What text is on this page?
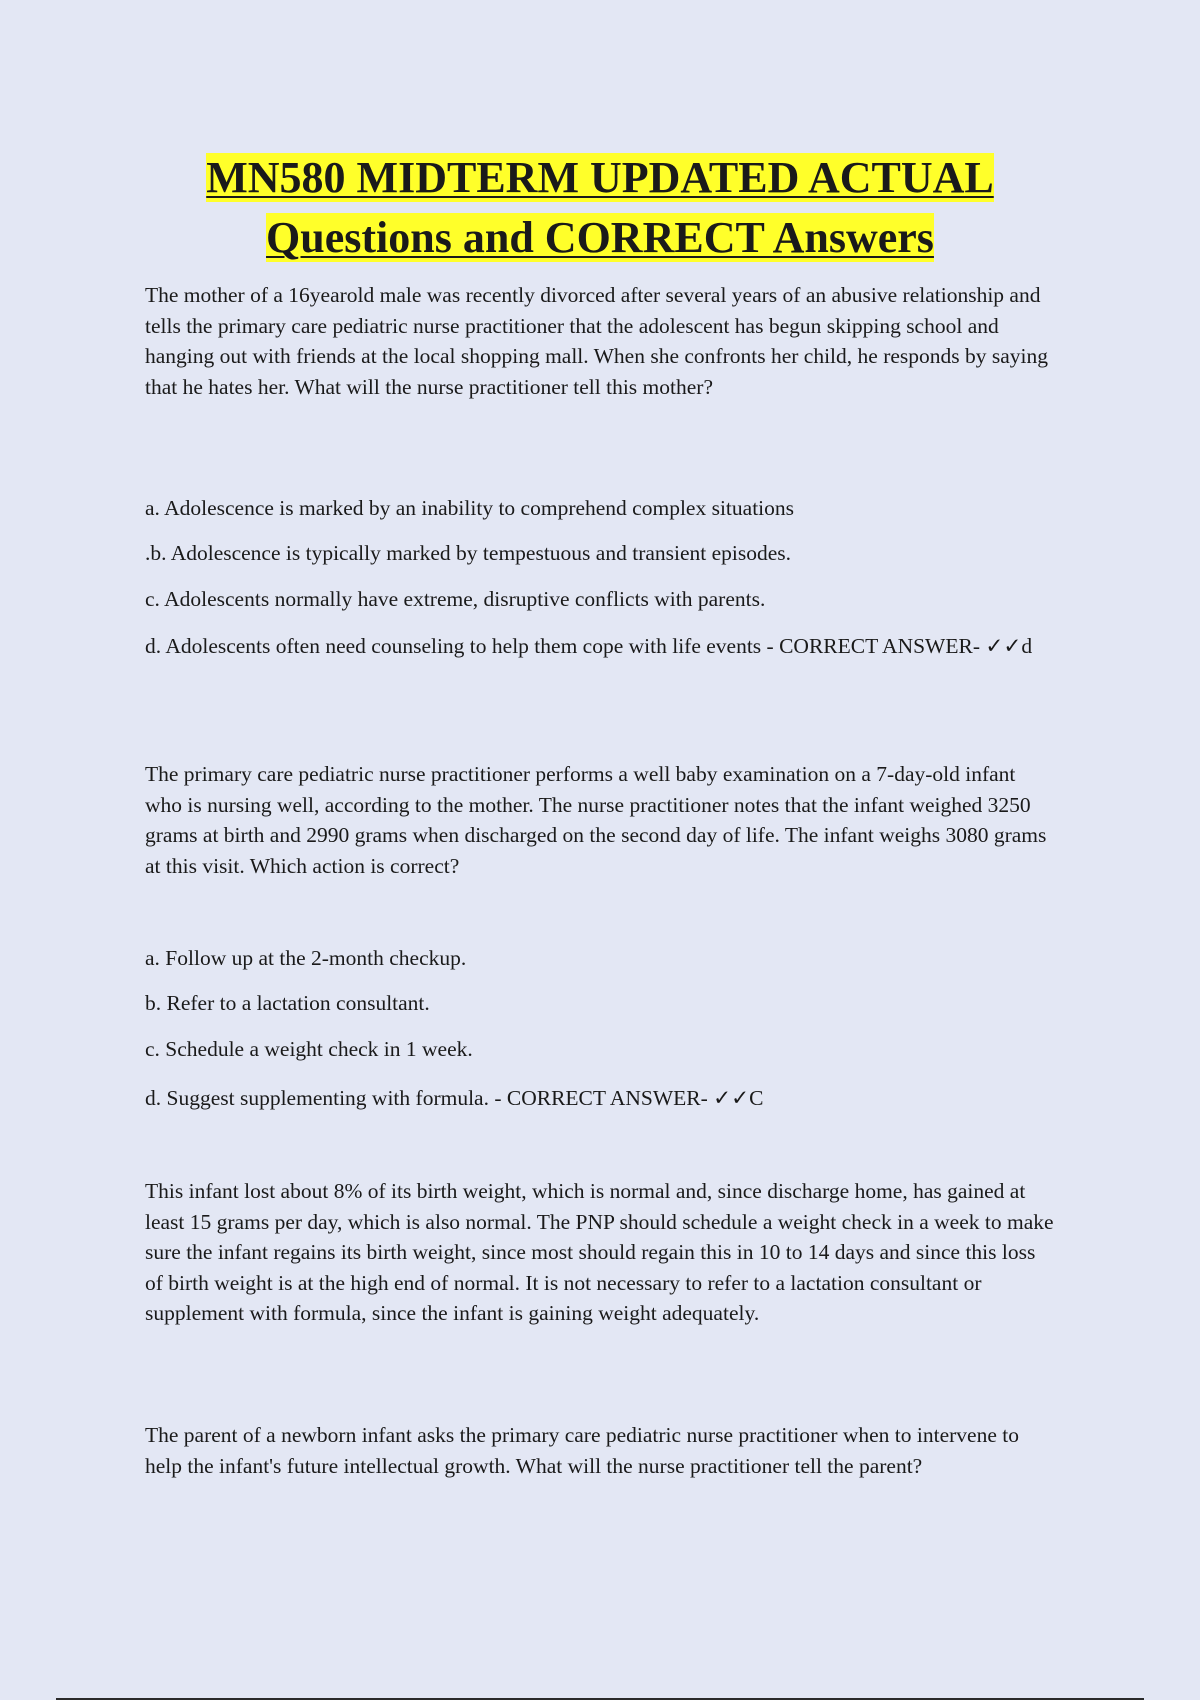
MN580 MIDTERM UPDATED ACTUAL
Questions and CORRECT Answers

The mother of a 16yearold male was recently divorced after several years of an abusive relationship and tells the primary care pediatric nurse practitioner that the adolescent has begun skipping school and hanging out with friends at the local shopping mall. When she confronts her child, he responds by saying that he hates her. What will the nurse practitioner tell this mother?

a. Adolescence is marked by an inability to comprehend complex situations

.b. Adolescence is typically marked by tempestuous and transient episodes.

c. Adolescents normally have extreme, disruptive conflicts with parents.

d. Adolescents often need counseling to help them cope with life events - CORRECT ANSWER- ✓✓d

The primary care pediatric nurse practitioner performs a well baby examination on a 7-day-old infant who is nursing well, according to the mother. The nurse practitioner notes that the infant weighed 3250 grams at birth and 2990 grams when discharged on the second day of life. The infant weighs 3080 grams at this visit. Which action is correct?

a. Follow up at the 2-month checkup.

b. Refer to a lactation consultant.

c. Schedule a weight check in 1 week.

d. Suggest supplementing with formula. - CORRECT ANSWER- ✓✓C

This infant lost about 8% of its birth weight, which is normal and, since discharge home, has gained at least 15 grams per day, which is also normal. The PNP should schedule a weight check in a week to make sure the infant regains its birth weight, since most should regain this in 10 to 14 days and since this loss of birth weight is at the high end of normal. It is not necessary to refer to a lactation consultant or supplement with formula, since the infant is gaining weight adequately.

The parent of a newborn infant asks the primary care pediatric nurse practitioner when to intervene to help the infant's future intellectual growth. What will the nurse practitioner tell the parent?
